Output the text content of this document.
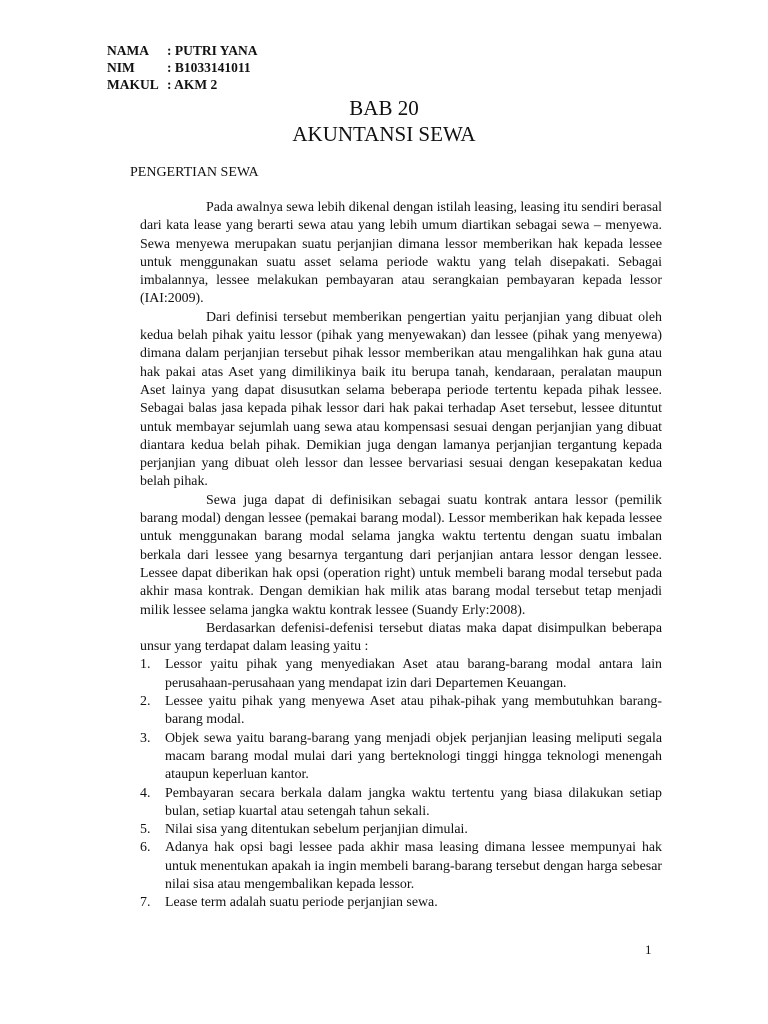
NAMA	: PUTRI YANA
NIM	: B1033141011
MAKUL : AKM 2
BAB 20
AKUNTANSI SEWA
PENGERTIAN SEWA

Pada awalnya sewa lebih dikenal dengan istilah leasing, leasing itu sendiri berasal dari kata lease yang berarti sewa atau yang lebih umum diartikan sebagai sewa – menyewa. Sewa menyewa merupakan suatu perjanjian dimana lessor memberikan hak kepada lessee untuk menggunakan suatu asset selama periode waktu yang telah disepakati. Sebagai imbalannya, lessee melakukan pembayaran atau serangkaian pembayaran kepada lessor (IAI:2009).

Dari definisi tersebut memberikan pengertian yaitu perjanjian yang dibuat oleh kedua belah pihak yaitu lessor (pihak yang menyewakan) dan lessee (pihak yang menyewa) dimana dalam perjanjian tersebut pihak lessor memberikan atau mengalihkan hak guna atau hak pakai atas Aset yang dimilikinya baik itu berupa tanah, kendaraan, peralatan maupun Aset lainya yang dapat disusutkan selama beberapa periode tertentu kepada pihak lessee. Sebagai balas jasa kepada pihak lessor dari hak pakai terhadap Aset tersebut, lessee dituntut untuk membayar sejumlah uang sewa atau kompensasi sesuai dengan perjanjian yang dibuat diantara kedua belah pihak. Demikian juga dengan lamanya perjanjian tergantung kepada perjanjian yang dibuat oleh lessor dan lessee bervariasi sesuai dengan kesepakatan kedua belah pihak.

Sewa juga dapat di definisikan sebagai suatu kontrak antara lessor (pemilik barang modal) dengan lessee (pemakai barang modal). Lessor memberikan hak kepada lessee untuk menggunakan barang modal selama jangka waktu tertentu dengan suatu imbalan berkala dari lessee yang besarnya tergantung dari perjanjian antara lessor dengan lessee. Lessee dapat diberikan hak opsi (operation right) untuk membeli barang modal tersebut pada akhir masa kontrak. Dengan demikian hak milik atas barang modal tersebut tetap menjadi milik lessee selama jangka waktu kontrak lessee (Suandy Erly:2008).

Berdasarkan defenisi-defenisi tersebut diatas maka dapat disimpulkan beberapa unsur yang terdapat dalam leasing yaitu :

1.	Lessor yaitu pihak yang menyediakan Aset atau barang-barang modal antara lain perusahaan-perusahaan yang mendapat izin dari Departemen Keuangan.
2.	Lessee yaitu pihak yang menyewa Aset atau pihak-pihak yang membutuhkan barang-barang modal.
3.	Objek sewa yaitu barang-barang yang menjadi objek perjanjian leasing meliputi segala macam barang modal mulai dari yang berteknologi tinggi hingga teknologi menengah ataupun keperluan kantor.
4.	Pembayaran secara berkala dalam jangka waktu tertentu yang biasa dilakukan setiap bulan, setiap kuartal atau setengah tahun sekali.
5.	Nilai sisa yang ditentukan sebelum perjanjian dimulai.
6.	Adanya hak opsi bagi lessee pada akhir masa leasing dimana lessee mempunyai hak untuk menentukan apakah ia ingin membeli barang-barang tersebut dengan harga sebesar nilai sisa atau mengembalikan kepada lessor.
7.	Lease term adalah suatu periode perjanjian sewa.
1
